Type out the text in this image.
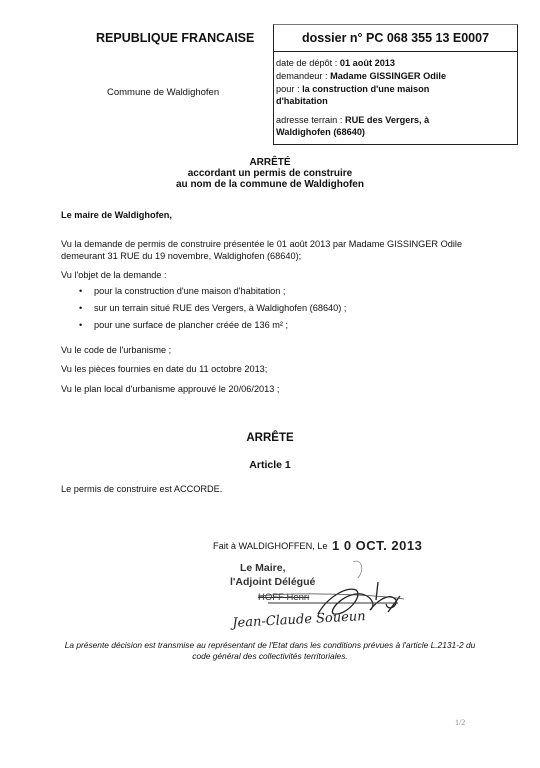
REPUBLIQUE FRANCAISE
Commune de Waldighofen
dossier n° PC 068 355 13 E0007
date de dépôt : 01 août 2013
demandeur : Madame GISSINGER Odile
pour : la construction d'une maison
d'habitation
adresse terrain : RUE des Vergers, à
Waldighofen (68640)
ARRÊTÉ
accordant un permis de construire
au nom de la commune de Waldighofen
Le maire de Waldighofen,
Vu la demande de permis de construire présentée le 01 août 2013 par Madame GISSINGER Odile
demeurant 31 RUE du 19 novembre, Waldighofen (68640);
Vu l'objet de la demande :
• pour la construction d'une maison d'habitation ;
• sur un terrain situé RUE des Vergers, à Waldighofen (68640) ;
• pour une surface de plancher créée de 136 m² ;
Vu le code de l'urbanisme ;
Vu les pièces fournies en date du 11 octobre 2013;
Vu le plan local d'urbanisme approuvé le 20/06/2013 ;
ARRÊTE
Article 1
Le permis de construire est ACCORDE.
Fait à WALDIGHOFFEN, Le 1 0 OCT. 2013
Le Maire,
l'Adjoint Délégué
HOFF Henri
Jean-Claude Soueun
La présente décision est transmise au représentant de l'Etat dans les conditions prévues à l'article L.2131-2 du
code général des collectivités territoriales.
1/2
